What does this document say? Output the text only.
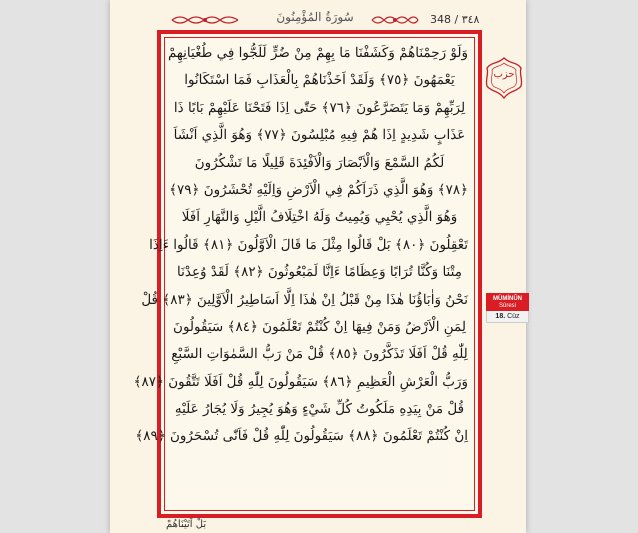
سُورَةُ المُؤْمِنُونَ	348 / ٣٤٨
وَلَوْ رَحِمْنَاهُمْ وَكَشَفْنَا مَا بِهِمْ مِنْ ضُرٍّ لَلَجُّوا فِي طُغْيَانِهِمْ
يَعْمَهُونَ ﴿٧٥﴾ وَلَقَدْ اَخَذْنَاهُمْ بِالْعَذَابِ فَمَا اسْتَكَانُوا
لِرَبِّهِمْ وَمَا يَتَضَرَّعُونَ ﴿٧٦﴾ حَتّٰى اِذَا فَتَحْنَا عَلَيْهِمْ بَابًا ذَا
عَذَابٍ شَدِيدٍ اِذَا هُمْ فِيهِ مُبْلِسُونَ ﴿٧٧﴾ وَهُوَ الَّذِي اَنْشَاَ
لَكُمُ السَّمْعَ وَالْاَبْصَارَ وَالْاَفْئِدَةَ قَلِيلًا مَا تَشْكُرُونَ
﴿٧٨﴾ وَهُوَ الَّذِي ذَرَاَكُمْ فِي الْاَرْضِ وَاِلَيْهِ تُحْشَرُونَ ﴿٧٩﴾
وَهُوَ الَّذِي يُحْيِي وَيُمِيتُ وَلَهُ اخْتِلَافُ الَّيْلِ وَالنَّهَارِ اَفَلَا
تَعْقِلُونَ ﴿٨٠﴾ بَلْ قَالُوا مِثْلَ مَا قَالَ الْاَوَّلُونَ ﴿٨١﴾ قَالُوا ءَاِذَا
مِتْنَا وَكُنَّا تُرَابًا وَعِظَامًا ءَاِنَّا لَمَبْعُوثُونَ ﴿٨٢﴾ لَقَدْ وُعِدْنَا
نَحْنُ وَاٰبَاؤُنَا هٰذَا مِنْ قَبْلُ اِنْ هٰذَا اِلَّا اَسَاطِيرُ الْاَوَّلِينَ ﴿٨٣﴾ قُلْ
لِمَنِ الْاَرْضُ وَمَنْ فِيهَا اِنْ كُنْتُمْ تَعْلَمُونَ ﴿٨٤﴾ سَيَقُولُونَ
لِلّٰهِ قُلْ اَفَلَا تَذَكَّرُونَ ﴿٨٥﴾ قُلْ مَنْ رَبُّ السَّمٰوَاتِ السَّبْعِ
وَرَبُّ الْعَرْشِ الْعَظِيمِ ﴿٨٦﴾ سَيَقُولُونَ لِلّٰهِ قُلْ اَفَلَا تَتَّقُونَ ﴿٨٧﴾
قُلْ مَنْ بِيَدِهِ مَلَكُوتُ كُلِّ شَيْءٍ وَهُوَ يُجِيرُ وَلَا يُجَارُ عَلَيْهِ
اِنْ كُنْتُمْ تَعْلَمُونَ ﴿٨٨﴾ سَيَقُولُونَ لِلّٰهِ قُلْ فَاَنّٰى تُسْحَرُونَ ﴿٨٩﴾
بَلْ اَتَيْنَاهُمْ
حزب
MÜMİNÛN
Sûresi
18. Cüz
